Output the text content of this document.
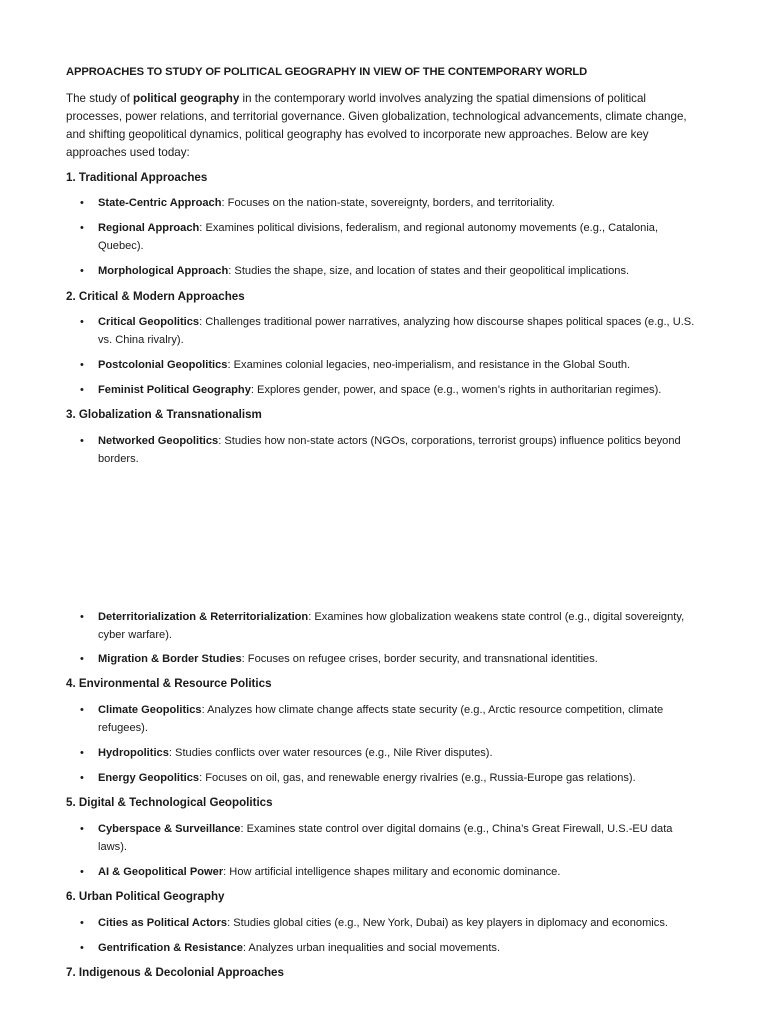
APPROACHES TO STUDY OF POLITICAL GEOGRAPHY IN VIEW OF THE CONTEMPORARY WORLD
The study of political geography in the contemporary world involves analyzing the spatial dimensions of political processes, power relations, and territorial governance. Given globalization, technological advancements, climate change, and shifting geopolitical dynamics, political geography has evolved to incorporate new approaches. Below are key approaches used today:
1. Traditional Approaches
• State-Centric Approach: Focuses on the nation-state, sovereignty, borders, and territoriality.
• Regional Approach: Examines political divisions, federalism, and regional autonomy movements (e.g., Catalonia, Quebec).
• Morphological Approach: Studies the shape, size, and location of states and their geopolitical implications.
2. Critical & Modern Approaches
• Critical Geopolitics: Challenges traditional power narratives, analyzing how discourse shapes political spaces (e.g., U.S. vs. China rivalry).
• Postcolonial Geopolitics: Examines colonial legacies, neo-imperialism, and resistance in the Global South.
• Feminist Political Geography: Explores gender, power, and space (e.g., women’s rights in authoritarian regimes).
3. Globalization & Transnationalism
• Networked Geopolitics: Studies how non-state actors (NGOs, corporations, terrorist groups) influence politics beyond borders.
• Deterritorialization & Reterritorialization: Examines how globalization weakens state control (e.g., digital sovereignty, cyber warfare).
• Migration & Border Studies: Focuses on refugee crises, border security, and transnational identities.
4. Environmental & Resource Politics
• Climate Geopolitics: Analyzes how climate change affects state security (e.g., Arctic resource competition, climate refugees).
• Hydropolitics: Studies conflicts over water resources (e.g., Nile River disputes).
• Energy Geopolitics: Focuses on oil, gas, and renewable energy rivalries (e.g., Russia-Europe gas relations).
5. Digital & Technological Geopolitics
• Cyberspace & Surveillance: Examines state control over digital domains (e.g., China’s Great Firewall, U.S.-EU data laws).
• AI & Geopolitical Power: How artificial intelligence shapes military and economic dominance.
6. Urban Political Geography
• Cities as Political Actors: Studies global cities (e.g., New York, Dubai) as key players in diplomacy and economics.
• Gentrification & Resistance: Analyzes urban inequalities and social movements.
7. Indigenous & Decolonial Approaches
